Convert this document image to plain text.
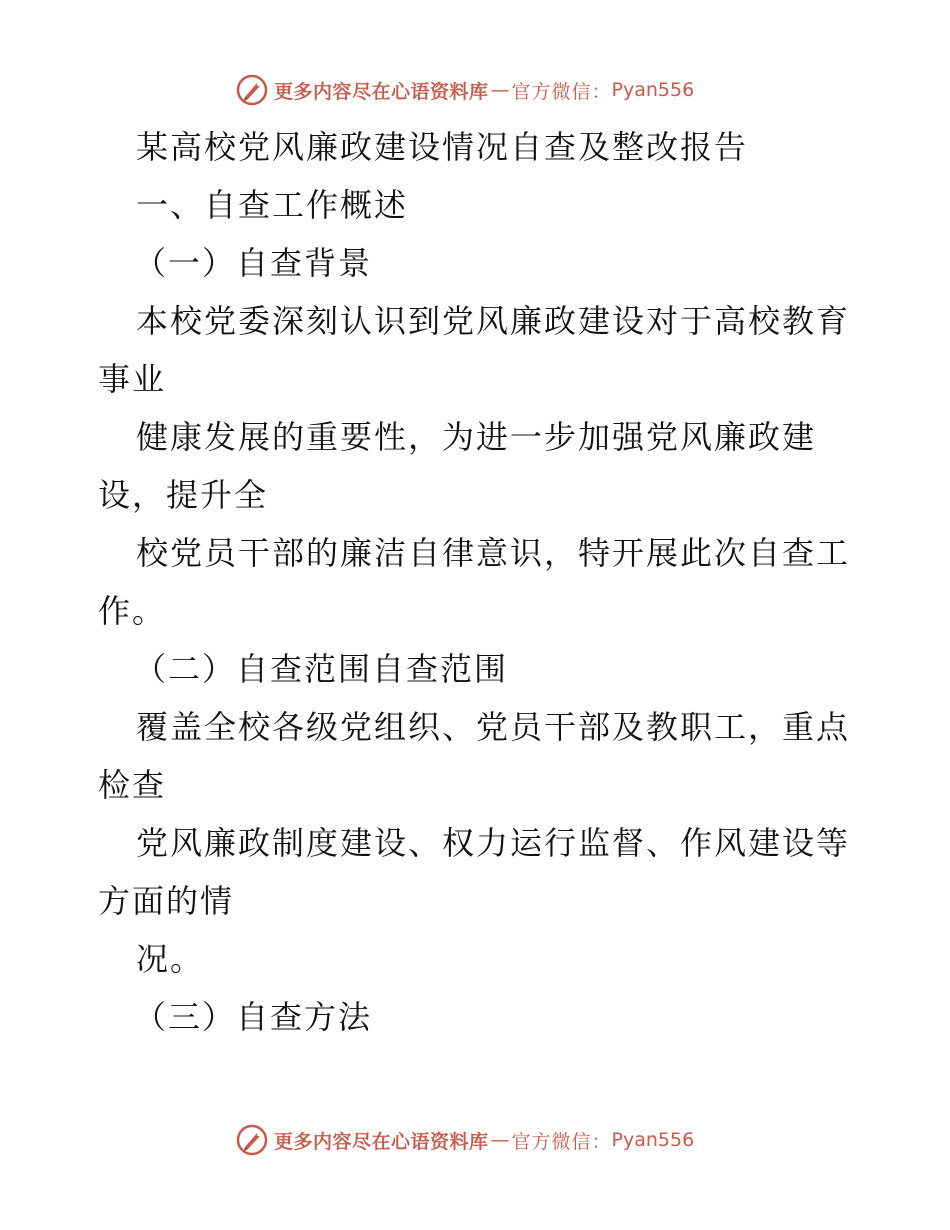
更多内容尽在心语资料库 — 官方微信： Pyan556
某高校党风廉政建设情况自查及整改报告
一、自查工作概述
（一）自查背景
本校党委深刻认识到党风廉政建设对于高校教育
事业
健康发展的重要性，为进一步加强党风廉政建
设，提升全
校党员干部的廉洁自律意识，特开展此次自查工
作。
（二）自查范围自查范围
覆盖全校各级党组织、党员干部及教职工，重点
检查
党风廉政制度建设、权力运行监督、作风建设等
方面的情
况。
（三）自查方法
更多内容尽在心语资料库 — 官方微信： Pyan556
